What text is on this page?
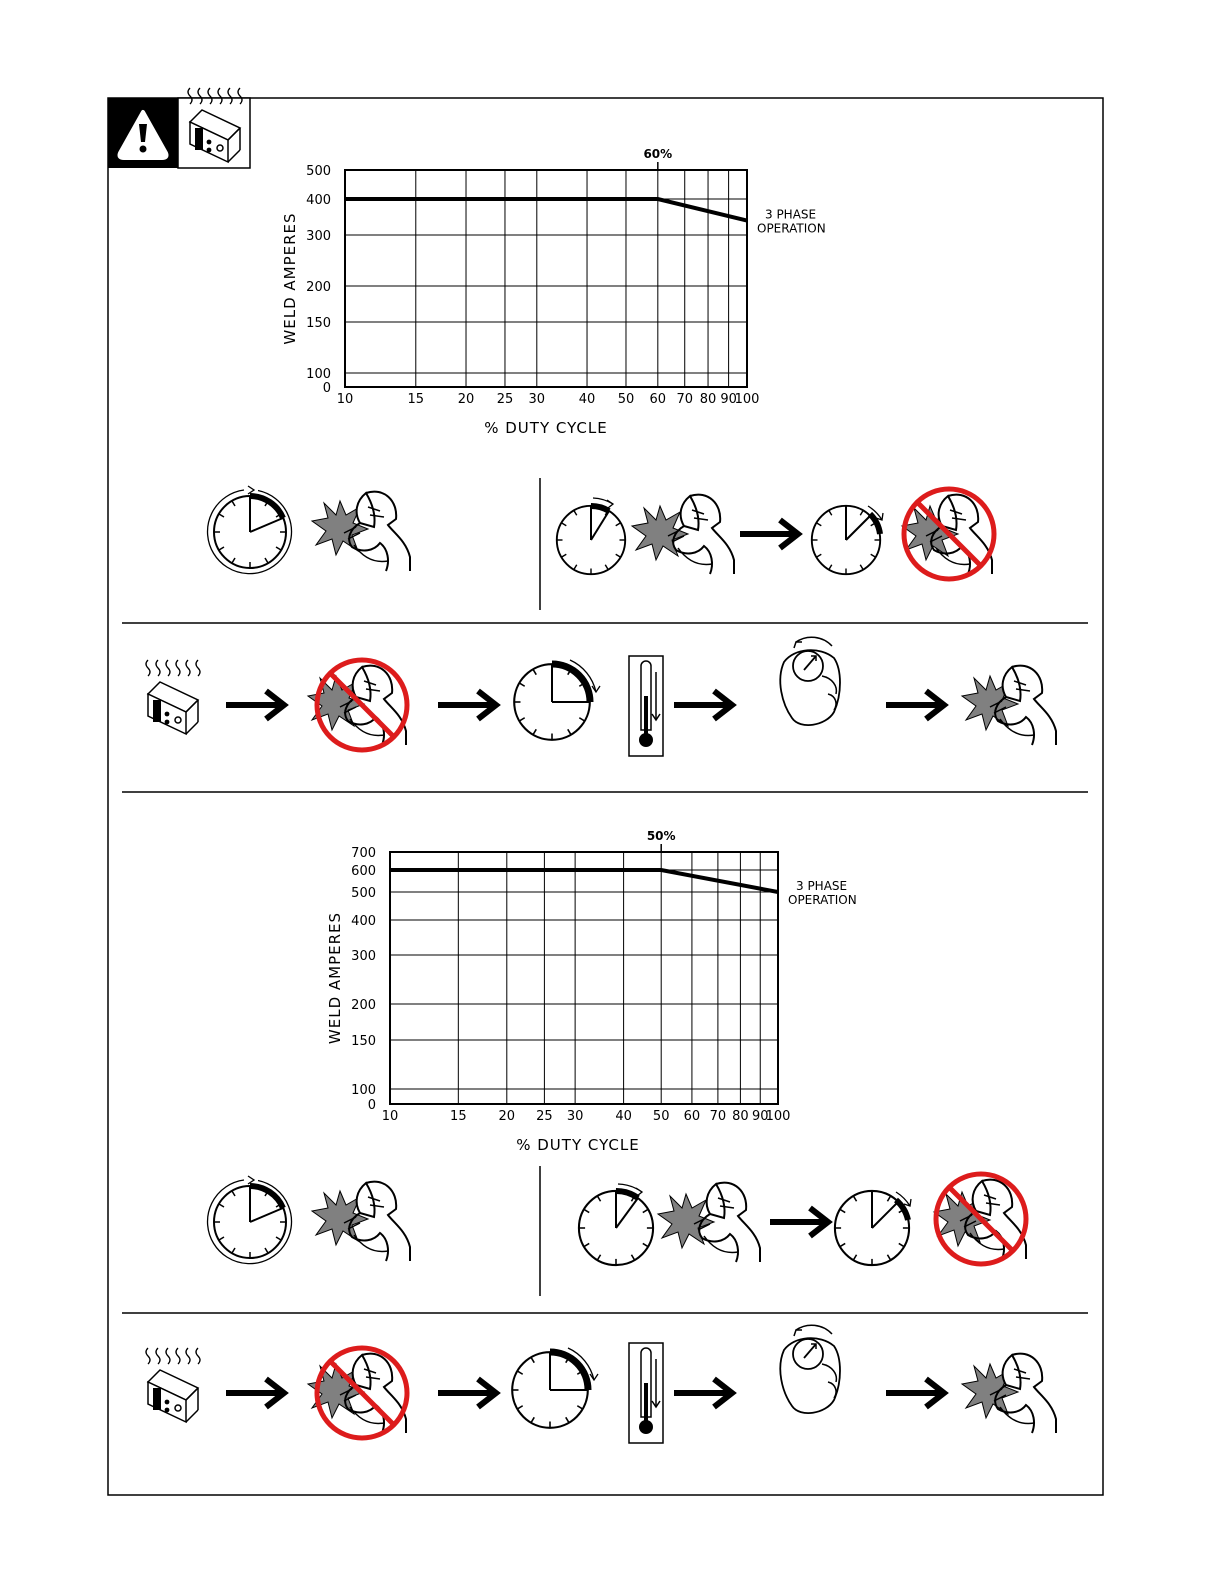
10	15	20 25 30	40 50 60 70 80 90
100
0
100
150
200
300
400
500
% DUTY CYCLE
WELD AMPERES	3 PHASE
OPERATION
60%
10	15 20 25 30 40 50 60 70 80 90
100
0
100
150
200
300
400
500
600
700
% DUTY CYCLE
WELD AMPERES
3 PHASE
OPERATION
50%
